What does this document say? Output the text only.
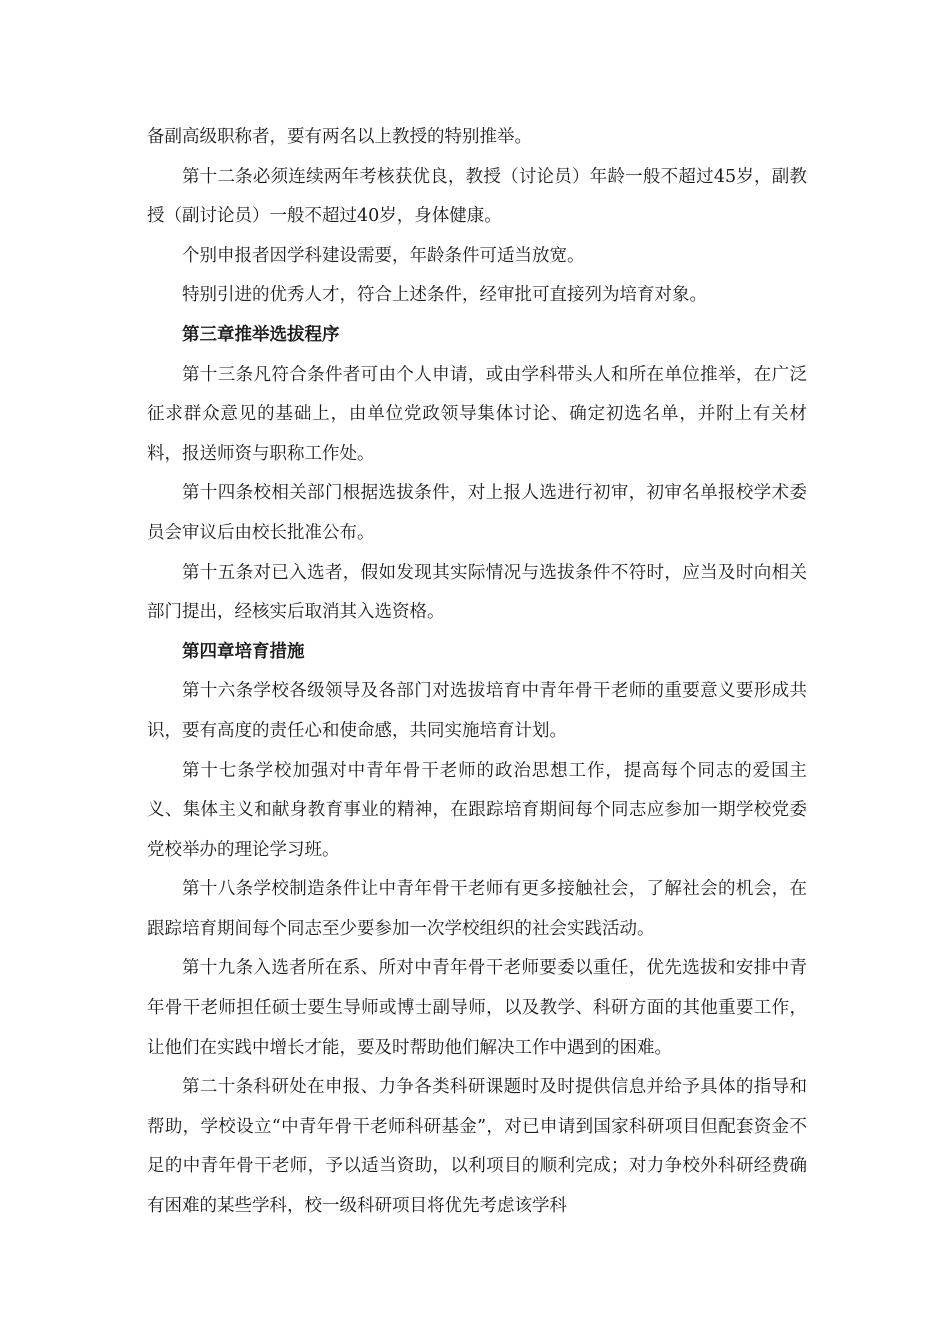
备副高级职称者，要有两名以上教授的特别推举。

第十二条必须连续两年考核获优良，教授（讨论员）年龄一般不超过45岁，副教授（副讨论员）一般不超过40岁，身体健康。

个别申报者因学科建设需要，年龄条件可适当放宽。

特别引进的优秀人才，符合上述条件，经审批可直接列为培育对象。

第三章推举选拔程序

第十三条凡符合条件者可由个人申请，或由学科带头人和所在单位推举，在广泛征求群众意见的基础上，由单位党政领导集体讨论、确定初选名单，并附上有关材料，报送师资与职称工作处。

第十四条校相关部门根据选拔条件，对上报人选进行初审，初审名单报校学术委员会审议后由校长批准公布。

第十五条对已入选者，假如发现其实际情况与选拔条件不符时，应当及时向相关部门提出，经核实后取消其入选资格。

第四章培育措施

第十六条学校各级领导及各部门对选拔培育中青年骨干老师的重要意义要形成共识，要有高度的责任心和使命感，共同实施培育计划。

第十七条学校加强对中青年骨干老师的政治思想工作，提高每个同志的爱国主义、集体主义和献身教育事业的精神，在跟踪培育期间每个同志应参加一期学校党委党校举办的理论学习班。

第十八条学校制造条件让中青年骨干老师有更多接触社会，了解社会的机会，在跟踪培育期间每个同志至少要参加一次学校组织的社会实践活动。

第十九条入选者所在系、所对中青年骨干老师要委以重任，优先选拔和安排中青年骨干老师担任硕士要生导师或博士副导师，以及教学、科研方面的其他重要工作，让他们在实践中增长才能，要及时帮助他们解决工作中遇到的困难。

第二十条科研处在申报、力争各类科研课题时及时提供信息并给予具体的指导和帮助，学校设立“中青年骨干老师科研基金”，对已申请到国家科研项目但配套资金不足的中青年骨干老师，予以适当资助，以利项目的顺利完成；对力争校外科研经费确有困难的某些学科，校一级科研项目将优先考虑该学科
